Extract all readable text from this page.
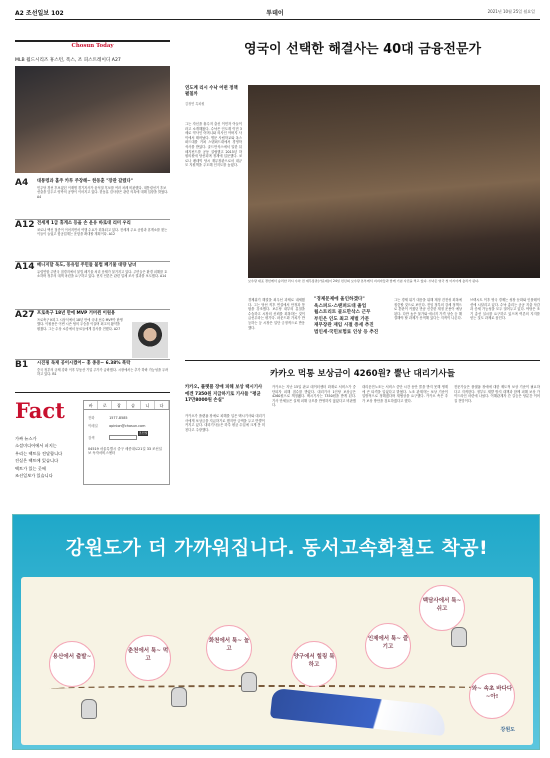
A2 조선일보 102	투데이	2021년 10월 25일 월요일
Chosun Today
MLB 월드시리즈 휴스턴, 폭스, 조 피스트레이디 A27
A4 대통령과 홈주 카투 주장해~ 한동훈 "장관 갈렸다"
민주당 경선 후보였던 이재명 경기지사가 윤석열 후보를 여러 차례 비판했다. 대통령선거 후보 선출을 앞두고 양측의 공방이 이어지고 있다. 한동훈 검사장은 관련 의혹에 대해 입장을 밝혔다. A4
A12 전세계 1급 휴게소 등을 손 운유 바로대 리미 우리
코로나 백신 접종이 이어지면서 여행 수요가 회복되고 있다. 전세계 주요 공항과 휴게소를 찾는 이들이 늘었고 항공업계는 운항을 확대할 계획이다. A12
A14 메니지달 독도, 동유럽 주민들 불법 페기물 대량 남녀
유럽연합 주변국 접경지에서 불법 폐기물 처리 문제가 불거지고 있다. 주민들은 환경 피해를 호소하며 정부의 대책 마련을 요구하고 있다. 현지 언론은 관련 업체 조사 결과를 보도했다. A14
A27 프로축구 18년 만에 MVP 거머쥔 이원용
프로축구 K리그 시상식에서 18년 만에 국내 선수 MVP가 탄생했다. 이원용은 이번 시즌 팀의 우승을 이끌며 최고의 활약을 펼쳤다. 그는 수상 소감에서 동료들에게 감사를 전했다. A27
B1 시진핑 독재 공이시켰어~ 홍 종중~ 6.38% 폭락
중국 정부의 규제 강화 이후 부동산 기업 주가가 급락했다. 시장에서는 추가 하락 가능성을 우려하고 있다. B1
Fact
가짜 뉴스가
소셜미디어에서 퍼지는
우리는 팩트를 전달합니다
진실은 팩트에 있습니다
팩트가 있는 곳에
조선일보가 있습니다
바	로	잡	습	니	다
전화	1577-8585
이메일	opinion@chosun.com
검색  조선일보
04519 서울특별시 중구 세종대로21길 33 조선일보 독자서비스센터
영국이 선택한 해결사는 40대 금융전문가
연도계 리시 수낙 어떤 정책 펼칠까
김정연 특파원
그는 자신을 흙수저 출신 이민자 아들이라고 소개해왔다. 수낙은 인도계 이민 3세로 약사인 어머니와 의사인 아버지 사이에서 태어났다. 명문 사립학교와 옥스퍼드대를 거쳐 스탠퍼드대에서 경영학 석사를 받았다. 골드만삭스에서 일한 뒤 헤지펀드를 공동 설립했고 2015년 하원의원에 당선되며 정계에 입문했다. 코로나 팬데믹 당시 재무장관으로서 대규모 지원책을 주도해 인지도를 높였다.
보수당 대표 경선에서 승리한 리시 수낙 전 재무장관(가운데)이 24일 런던의 보수당 본부에서 지지자들과 함께 기념 사진을 찍고 있다. 수낙은 영국 첫 아시아계 총리가 된다.
경제위기 해결을 최우선 과제로 내세웠다. 그는 당선 직후 연설에서 안정과 통합을 강조했다. 보수당 내부의 분열을 수습하고 시장의 신뢰를 회복하는 것이 급선무라는 평가다. 파운드화 가치가 반등하는 등 시장은 일단 긍정적으로 반응했다.
"경제문제에 올인하겠다"
옥스퍼드·스탠퍼드대 졸업
월스트리트 골드만삭스 근무
부인은 인도 최고 재벌 가문
재무장관 재임 시절 증세 추진
법인세·국민보험료 인상 등 추진
그는 경제 위기 대응을 위해 재정 건전성 회복에 집중할 것으로 보인다. 전임 정부의 감세 정책으로 혼란이 커졌던 만큼 신중한 재정 운용이 예상된다. 다만 높은 물가와 에너지 가격 상승 등 해결해야 할 과제가 산적해 있다는 지적이 나온다.
브렉시트 이후 영국 경제는 성장 둔화와 인플레이션에 시달리고 있다. 수낙 총리는 공공 지출 삭감과 증세 가능성을 모두 열어두고 있다. 야당은 조기 총선 실시를 요구하고 있으며 여론의 지지를 얻는 것도 과제로 꼽힌다.
카카오 먹통 보상금이 4260원? 뿔난 대리기사들
카카오, 플랫폼 장애 피해 보상 택시기사에겐 7350원 지급하기로 기사들 "평균 17만8000원 손실"
카카오가 플랫폼 장애로 피해를 입은 택시기사와 대리기사에게 보상금을 지급하기로 했지만 금액을 두고 반발이 커지고 있다. 대리기사들은 하루 평균 수입에 크게 못 미친다고 주장했다.
카카오는 지난 15일 판교 데이터센터 화재로 서비스가 중단되자 피해 접수를 받았다. 대리기사 1인당 보상금은 4260원으로 책정됐다. 택시기사는 7350원을 받게 된다. 기사 단체들은 실제 피해 규모를 반영하지 않았다고 비판했다.
대리운전노조는 서비스 중단 시간 동안 콜을 받지 못해 생계에 큰 타격을 입었다고 밝혔다. 노조 관계자는 보상 기준이 일방적으로 정해졌다며 재협상을 요구했다. 카카오 측은 추가 보상 방안을 검토하겠다고 했다.
전문가들은 플랫폼 장애에 대한 제도적 보상 기준이 필요하다고 지적한다. 정부도 재발 방지 대책과 함께 피해 보상 가이드라인 마련에 나섰다. 이해관계자 간 갈등은 당분간 이어질 전망이다.
강원도가 더 가까워집니다. 동서고속화철도 착공!
용산에서 출발~
춘천에서 툭~ 먹고
화천에서 툭~ 놀고
양구에서 힐링 툭 하고
인제에서 툭~ 즐기고
백담사에서 툭~ 쉬고
와~ 속초 바다다~아!
강원도
